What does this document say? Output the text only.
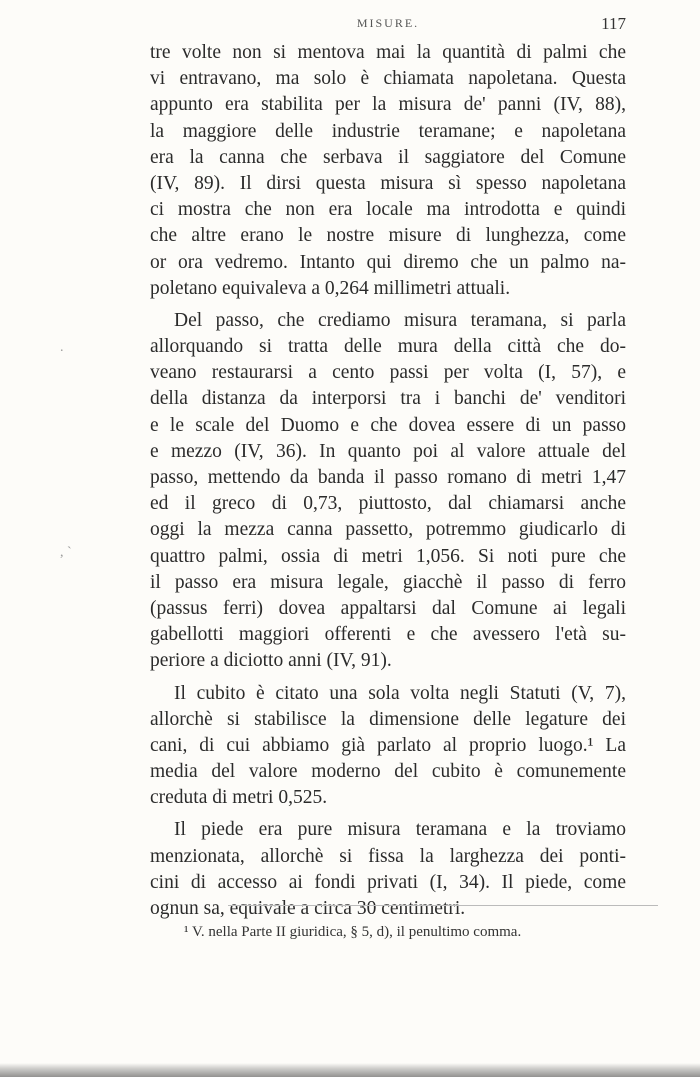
MISURE.	117
.
, `
tre volte non si mentova mai la quantità di palmi che
vi entravano, ma solo è chiamata napoletana. Questa
appunto era stabilita per la misura de' panni (IV, 88),
la maggiore delle industrie teramane; e napoletana
era la canna che serbava il saggiatore del Comune
(IV, 89). Il dirsi questa misura sì spesso napoletana
ci mostra che non era locale ma introdotta e quindi
che altre erano le nostre misure di lunghezza, come
or ora vedremo. Intanto qui diremo che un palmo na-
poletano equivaleva a 0,264 millimetri attuali.
Del passo, che crediamo misura teramana, si parla
allorquando si tratta delle mura della città che do-
veano restaurarsi a cento passi per volta (I, 57), e
della distanza da interporsi tra i banchi de' venditori
e le scale del Duomo e che dovea essere di un passo
e mezzo (IV, 36). In quanto poi al valore attuale del
passo, mettendo da banda il passo romano di metri 1,47
ed il greco di 0,73, piuttosto, dal chiamarsi anche
oggi la mezza canna passetto, potremmo giudicarlo di
quattro palmi, ossia di metri 1,056. Si noti pure che
il passo era misura legale, giacchè il passo di ferro
(passus ferri) dovea appaltarsi dal Comune ai legali
gabellotti maggiori offerenti e che avessero l'età su-
periore a diciotto anni (IV, 91).
Il cubito è citato una sola volta negli Statuti (V, 7),
allorchè si stabilisce la dimensione delle legature dei
cani, di cui abbiamo già parlato al proprio luogo.¹ La
media del valore moderno del cubito è comunemente
creduta di metri 0,525.
Il piede era pure misura teramana e la troviamo
menzionata, allorchè si fissa la larghezza dei ponti-
cini di accesso ai fondi privati (I, 34). Il piede, come
ognun sa, equivale a circa 30 centimetri.
¹ V. nella Parte II giuridica, § 5, d), il penultimo comma.
